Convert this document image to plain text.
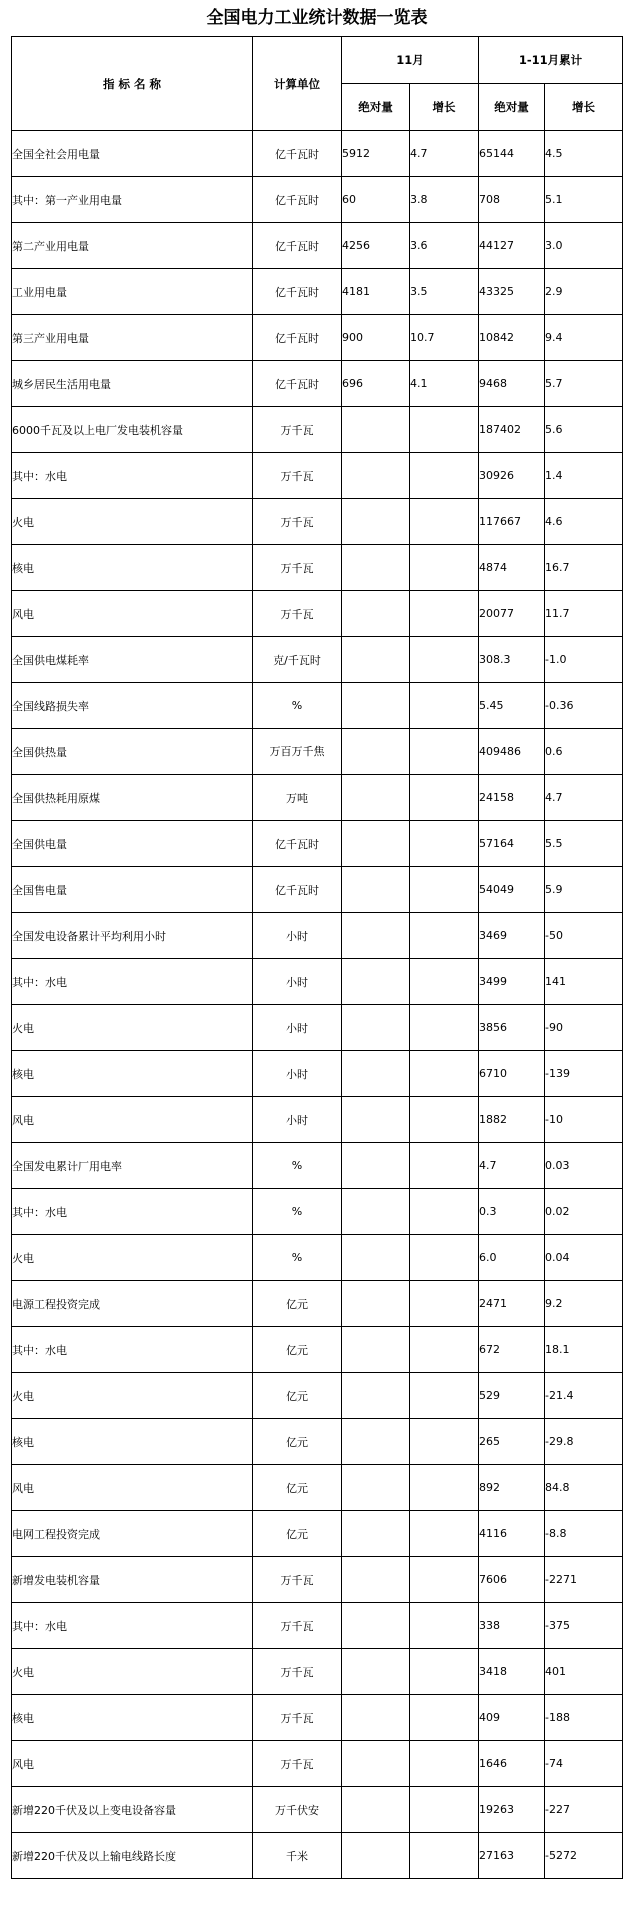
全国电力工业统计数据一览表
指 标 名 称	计算单位	11月		1-11月累计	
		绝对量	增长	绝对量	增长
全国全社会用电量	亿千瓦时	5912	4.7	65144	4.5
其中：第一产业用电量	亿千瓦时	60	3.8	708	5.1
第二产业用电量	亿千瓦时	4256	3.6	44127	3.0
工业用电量	亿千瓦时	4181	3.5	43325	2.9
第三产业用电量	亿千瓦时	900	10.7	10842	9.4
城乡居民生活用电量	亿千瓦时	696	4.1	9468	5.7
6000千瓦及以上电厂发电装机容量	万千瓦			187402	5.6
其中：水电	万千瓦			30926	1.4
火电	万千瓦			117667	4.6
核电	万千瓦			4874	16.7
风电	万千瓦			20077	11.7
全国供电煤耗率	克/千瓦时			308.3	-1.0
全国线路损失率	%			5.45	-0.36
全国供热量	万百万千焦			409486	0.6
全国供热耗用原煤	万吨			24158	4.7
全国供电量	亿千瓦时			57164	5.5
全国售电量	亿千瓦时			54049	5.9
全国发电设备累计平均利用小时	小时			3469	-50
其中：水电	小时			3499	141
火电	小时			3856	-90
核电	小时			6710	-139
风电	小时			1882	-10
全国发电累计厂用电率	%			4.7	0.03
其中：水电	%			0.3	0.02
火电	%			6.0	0.04
电源工程投资完成	亿元			2471	9.2
其中：水电	亿元			672	18.1
火电	亿元			529	-21.4
核电	亿元			265	-29.8
风电	亿元			892	84.8
电网工程投资完成	亿元			4116	-8.8
新增发电装机容量	万千瓦			7606	-2271
其中：水电	万千瓦			338	-375
火电	万千瓦			3418	401
核电	万千瓦			409	-188
风电	万千瓦			1646	-74
新增220千伏及以上变电设备容量	万千伏安			19263	-227
新增220千伏及以上输电线路长度	千米			27163	-5272
